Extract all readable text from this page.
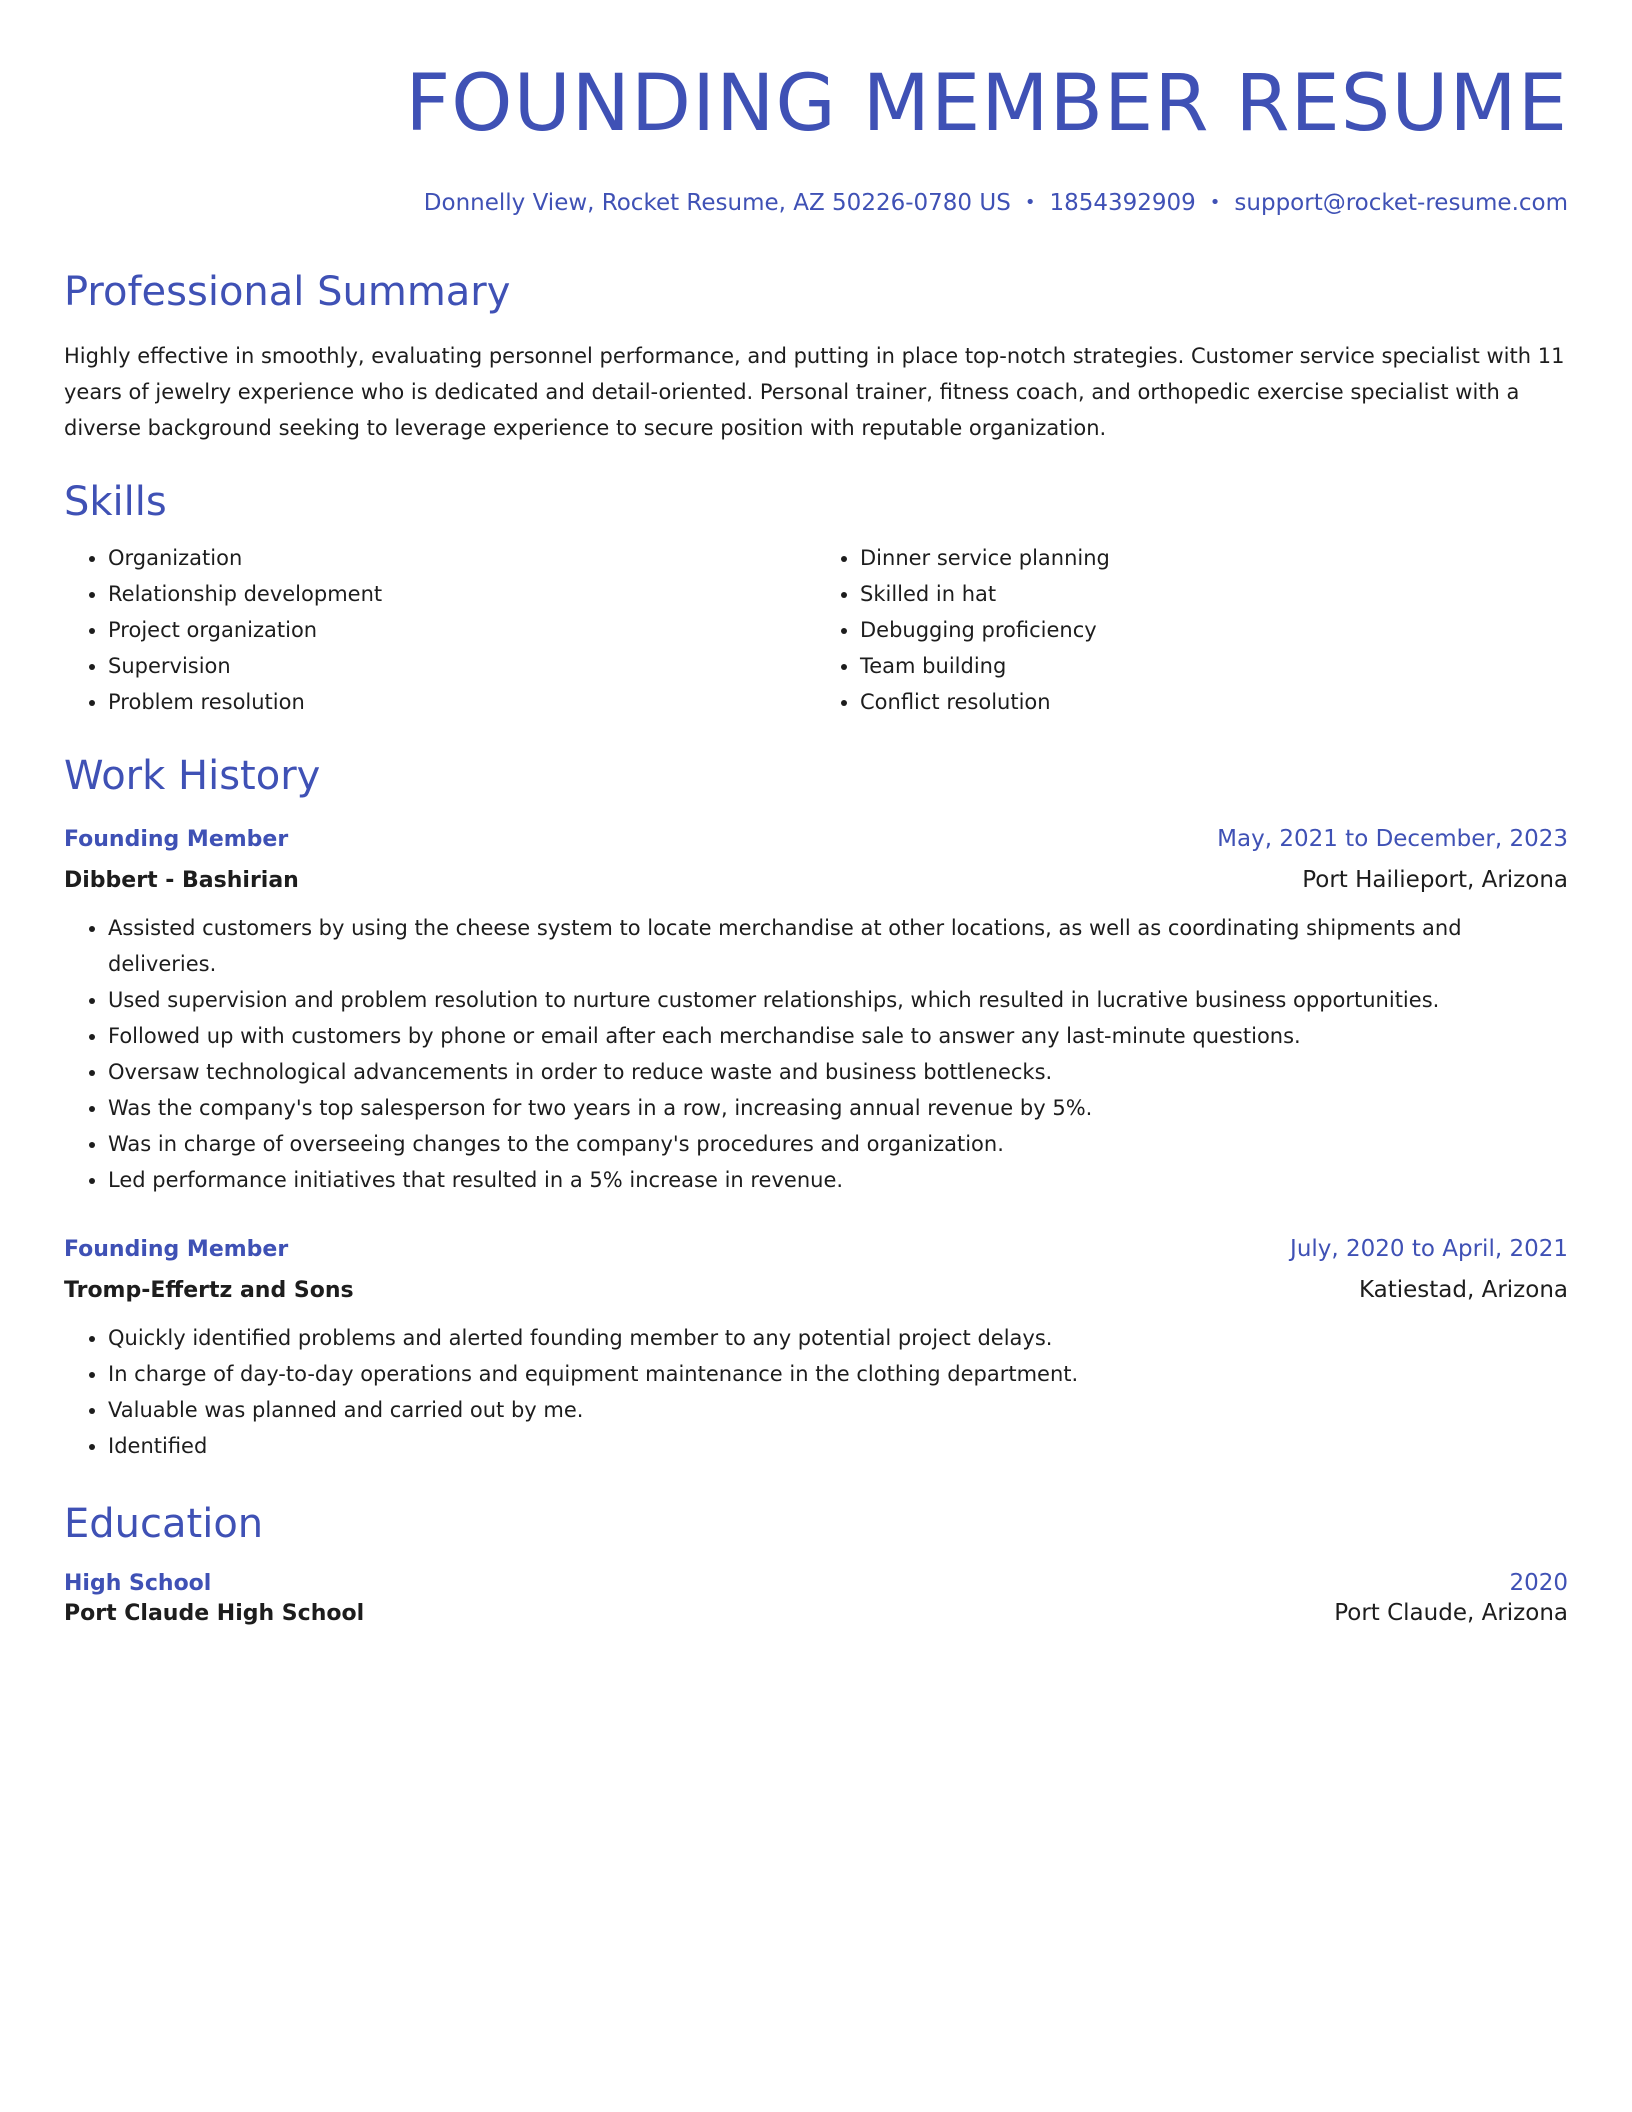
FOUNDING MEMBER RESUME
Donnelly View, Rocket Resume, AZ 50226-0780 US • 1854392909 • support@rocket-resume.com
Professional Summary

Highly effective in smoothly, evaluating personnel performance, and putting in place top-notch strategies. Customer service specialist with 11 years of jewelry experience who is dedicated and detail-oriented. Personal trainer, fitness coach, and orthopedic exercise specialist with a diverse background seeking to leverage experience to secure position with reputable organization.

Skills
• Organization
• Relationship development
• Project organization
• Supervision
• Problem resolution
• Dinner service planning
• Skilled in hat
• Debugging proficiency
• Team building
• Conflict resolution
Work History
Founding Member	May, 2021 to December, 2023
Dibbert - Bashirian	Port Hailieport, Arizona
• Assisted customers by using the cheese system to locate merchandise at other locations, as well as coordinating shipments and deliveries.
• Used supervision and problem resolution to nurture customer relationships, which resulted in lucrative business opportunities.
• Followed up with customers by phone or email after each merchandise sale to answer any last-minute questions.
• Oversaw technological advancements in order to reduce waste and business bottlenecks.
• Was the company's top salesperson for two years in a row, increasing annual revenue by 5%.
• Was in charge of overseeing changes to the company's procedures and organization.
• Led performance initiatives that resulted in a 5% increase in revenue.
Founding Member	July, 2020 to April, 2021
Tromp-Effertz and Sons	Katiestad, Arizona
• Quickly identified problems and alerted founding member to any potential project delays.
• In charge of day-to-day operations and equipment maintenance in the clothing department.
• Valuable was planned and carried out by me.
• Identified
Education
High School	2020
Port Claude High School	Port Claude, Arizona
